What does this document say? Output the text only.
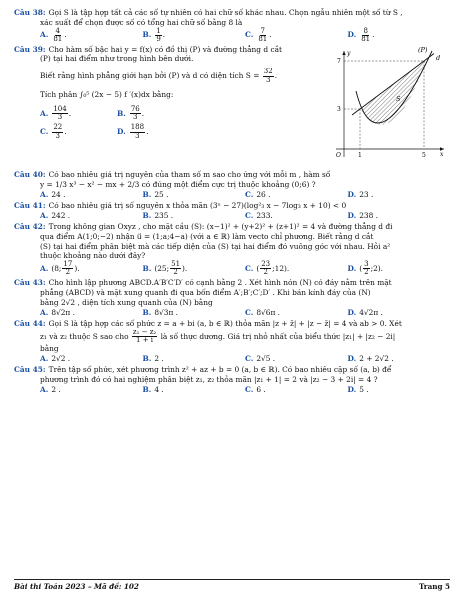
Câu 38: Gọi S là tập hợp tất cả các số tự nhiên có hai chữ số khác nhau. Chọn ngẫu nhiên một số từ S ,
xác suất để chọn được số có tổng hai chữ số bằng 8 là
A. $\frac{4}{81}$ .	B. $\frac{1}{9}$ .	C. $\frac{7}{81}$ .	D. $\frac{8}{81}$ .
Câu 39: Cho hàm số bậc hai y = f(x) có đồ thị (P) và đường thẳng d cắt
(P) tại hai điểm như trong hình bên dưới.
Biết rằng hình phẳng giới hạn bởi (P) và d có diện tích $S = \frac{32}{3}$ .
Tích phân ∫₀⁵ (2x − 5) f ′(x)dx bằng:
A. $\frac{104}{3}$ .	B. $\frac{76}{3}$ .
C. $\frac{22}{3}$ .	D. $\frac{188}{3}$ .
(P)
d
S
7
3
O	1	5 x
y
Câu 40: Có bao nhiêu giá trị nguyên của tham số m sao cho ứng với mỗi m , hàm số
y = 1/3 x³ − x² − mx + 2/3 có đúng một điểm cực trị thuộc khoảng (0;6) ?
A. 24 .	B. 25 .	C. 26 .	D. 23 .
Câu 41: Có bao nhiêu giá trị số nguyên x thỏa mãn (3ˣ − 27)(log²₃ x − 7log₃ x + 10) < 0
A. 242 .	B. 235 .	C. 233.	D. 238 .
Câu 42: Trong không gian Oxyz , cho mặt cầu (S): (x−1)² + (y+2)² + (z+1)² = 4 và đường thẳng d đi
qua điểm A(1;0;−2) nhận u⃗ = (1;a;4−a) (với a ∈ ℝ) làm vecto chỉ phương. Biết rằng d cắt
(S) tại hai điểm phân biệt mà các tiếp diện của (S) tại hai điểm đó vuông góc với nhau. Hỏi a²
thuộc khoảng nào dưới đây?
A. (8; $\frac{17}{2}$ ).	B. (25; $\frac{51}{2}$ ).	C. ( $\frac{23}{2}$ ;12).	D. ( $\frac{3}{2}$ ;2).
Câu 43: Cho hình lập phương ABCD.A′B′C′D′ có cạnh bằng 2 . Xét hình nón (N) có đáy nằm trên mặt
phẳng (ABCD) và mặt xung quanh đi qua bốn điểm A′;B′;C′;D′ . Khi bán kính đáy của (N)
bằng 2√2 , diện tích xung quanh của (N) bằng
A. 8√2π .	B. 8√3π .	C. 8√6π .	D. 4√2π .
Câu 44: Gọi S là tập hợp các số phức z = a + bi (a, b ∈ ℝ) thỏa mãn |z + z̄| + |z − z̄| = 4 và ab > 0. Xét
z₁ và z₂ thuộc S sao cho $\frac{\text{z₁ − z₂}}{1 + i}$ là số thực dương. Giá trị nhỏ nhất của biểu thức |z₁| + |z₂ − 2i|
bằng
A. 2√2 .	B. 2 .	C. 2√5 .	D. 2 + 2√2 .
Câu 45: Trên tập số phức, xét phương trình z² + az + b = 0 (a, b ∈ ℝ). Có bao nhiêu cặp số (a, b) để
phương trình đó có hai nghiệm phân biệt z₁, z₂ thỏa mãn |z₁ + 1| = 2 và |z₂ − 3 + 2i| = 4 ?
A. 2 .	B. 4 .	C. 6 .	D. 5 .
Bài thi Toán 2023 – Mã đề: 102	Trang 5
